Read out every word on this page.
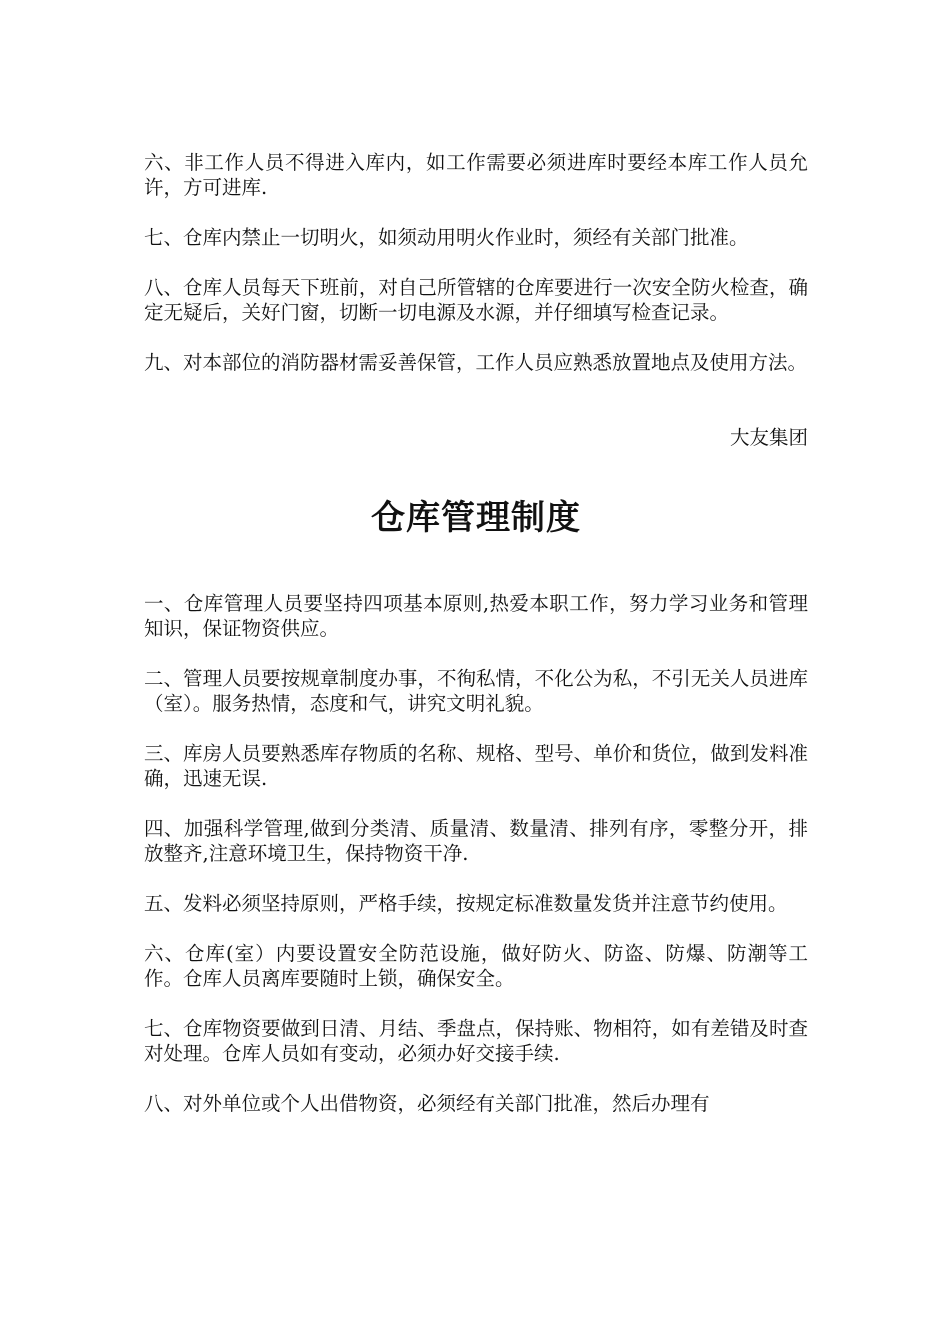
六、非工作人员不得进入库内，如工作需要必须进库时要经本库工作人员允许，方可进库.

七、仓库内禁止一切明火，如须动用明火作业时，须经有关部门批准。

八、仓库人员每天下班前，对自己所管辖的仓库要进行一次安全防火检查，确定无疑后，关好门窗，切断一切电源及水源，并仔细填写检查记录。

九、对本部位的消防器材需妥善保管，工作人员应熟悉放置地点及使用方法。

大友集团
仓库管理制度

一、仓库管理人员要坚持四项基本原则,热爱本职工作，努力学习业务和管理知识，保证物资供应。

二、管理人员要按规章制度办事，不徇私情，不化公为私，不引无关人员进库（室）。服务热情，态度和气，讲究文明礼貌。

三、库房人员要熟悉库存物质的名称、规格、型号、单价和货位，做到发料准确，迅速无误.

四、加强科学管理,做到分类清、质量清、数量清、排列有序，零整分开，排放整齐,注意环境卫生，保持物资干净.

五、发料必须坚持原则，严格手续，按规定标准数量发货并注意节约使用。

六、仓库(室）内要设置安全防范设施，做好防火、防盗、防爆、防潮等工作。仓库人员离库要随时上锁，确保安全。

七、仓库物资要做到日清、月结、季盘点，保持账、物相符，如有差错及时查对处理。仓库人员如有变动，必须办好交接手续.

八、对外单位或个人出借物资，必须经有关部门批准，然后办理有
